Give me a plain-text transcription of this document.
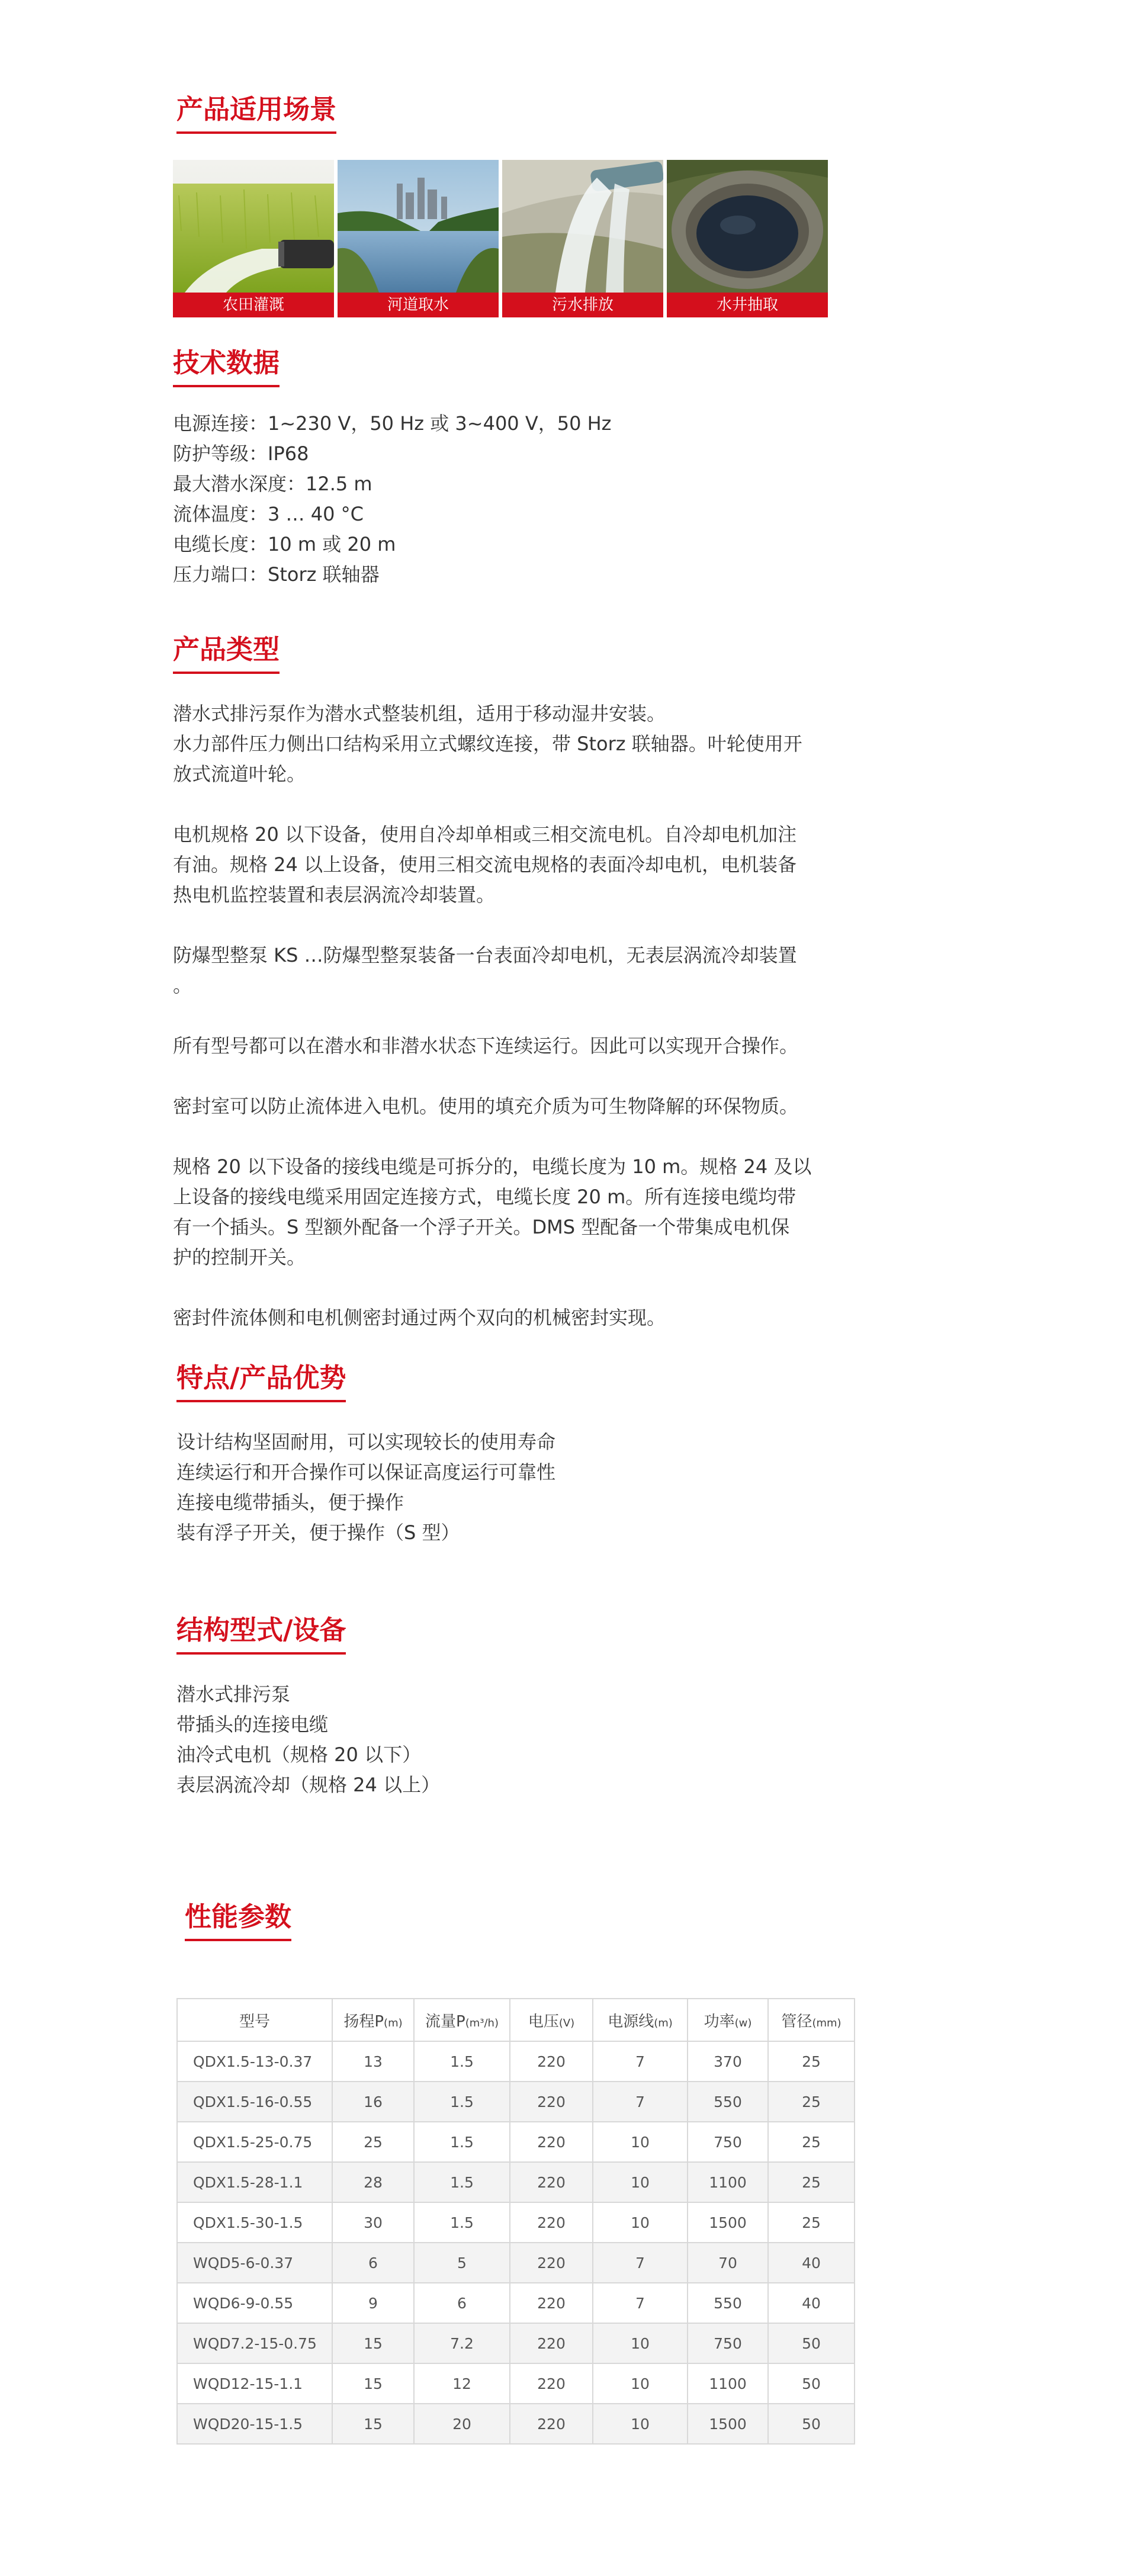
产品适用场景
农田灌溉	河道取水	污水排放	水井抽取
技术数据

电源连接：1~230 V，50 Hz 或 3~400 V，50 Hz

防护等级：IP68

最大潜水深度：12.5 m

流体温度：3 … 40 °C

电缆长度：10 m 或 20 m

压力端口：Storz 联轴器

产品类型

潜水式排污泵作为潜水式整装机组，适用于移动湿井安装。

水力部件压力侧出口结构采用立式螺纹连接，带 Storz 联轴器。叶轮使用开

放式流道叶轮。

电机规格 20 以下设备，使用自冷却单相或三相交流电机。自冷却电机加注

有油。规格 24 以上设备，使用三相交流电规格的表面冷却电机，电机装备

热电机监控装置和表层涡流冷却装置。

防爆型整泵 KS …防爆型整泵装备一台表面冷却电机，无表层涡流冷却装置

。

所有型号都可以在潜水和非潜水状态下连续运行。因此可以实现开合操作。

密封室可以防止流体进入电机。使用的填充介质为可生物降解的环保物质。

规格 20 以下设备的接线电缆是可拆分的，电缆长度为 10 m。规格 24 及以

上设备的接线电缆采用固定连接方式，电缆长度 20 m。所有连接电缆均带

有一个插头。S 型额外配备一个浮子开关。DMS 型配备一个带集成电机保

护的控制开关。

密封件流体侧和电机侧密封通过两个双向的机械密封实现。

特点/产品优势

设计结构坚固耐用，可以实现较长的使用寿命

连续运行和开合操作可以保证高度运行可靠性

连接电缆带插头，便于操作

装有浮子开关，便于操作（S 型）

结构型式/设备

潜水式排污泵

带插头的连接电缆

油冷式电机（规格 20 以下）

表层涡流冷却（规格 24 以上）

性能参数
型号	扬程P(m)	流量P(m³/h)	电压(V)	电源线(m)	功率(w)	管径(mm)
QDX1.5-13-0.37	13	1.5	220	7	370	25
QDX1.5-16-0.55	16	1.5	220	7	550	25
QDX1.5-25-0.75	25	1.5	220	10	750	25
QDX1.5-28-1.1	28	1.5	220	10	1100	25
QDX1.5-30-1.5	30	1.5	220	10	1500	25
WQD5-6-0.37	6	5	220	7	70	40
WQD6-9-0.55	9	6	220	7	550	40
WQD7.2-15-0.75	15	7.2	220	10	750	50
WQD12-15-1.1	15	12	220	10	1100	50
WQD20-15-1.5	15	20	220	10	1500	50
